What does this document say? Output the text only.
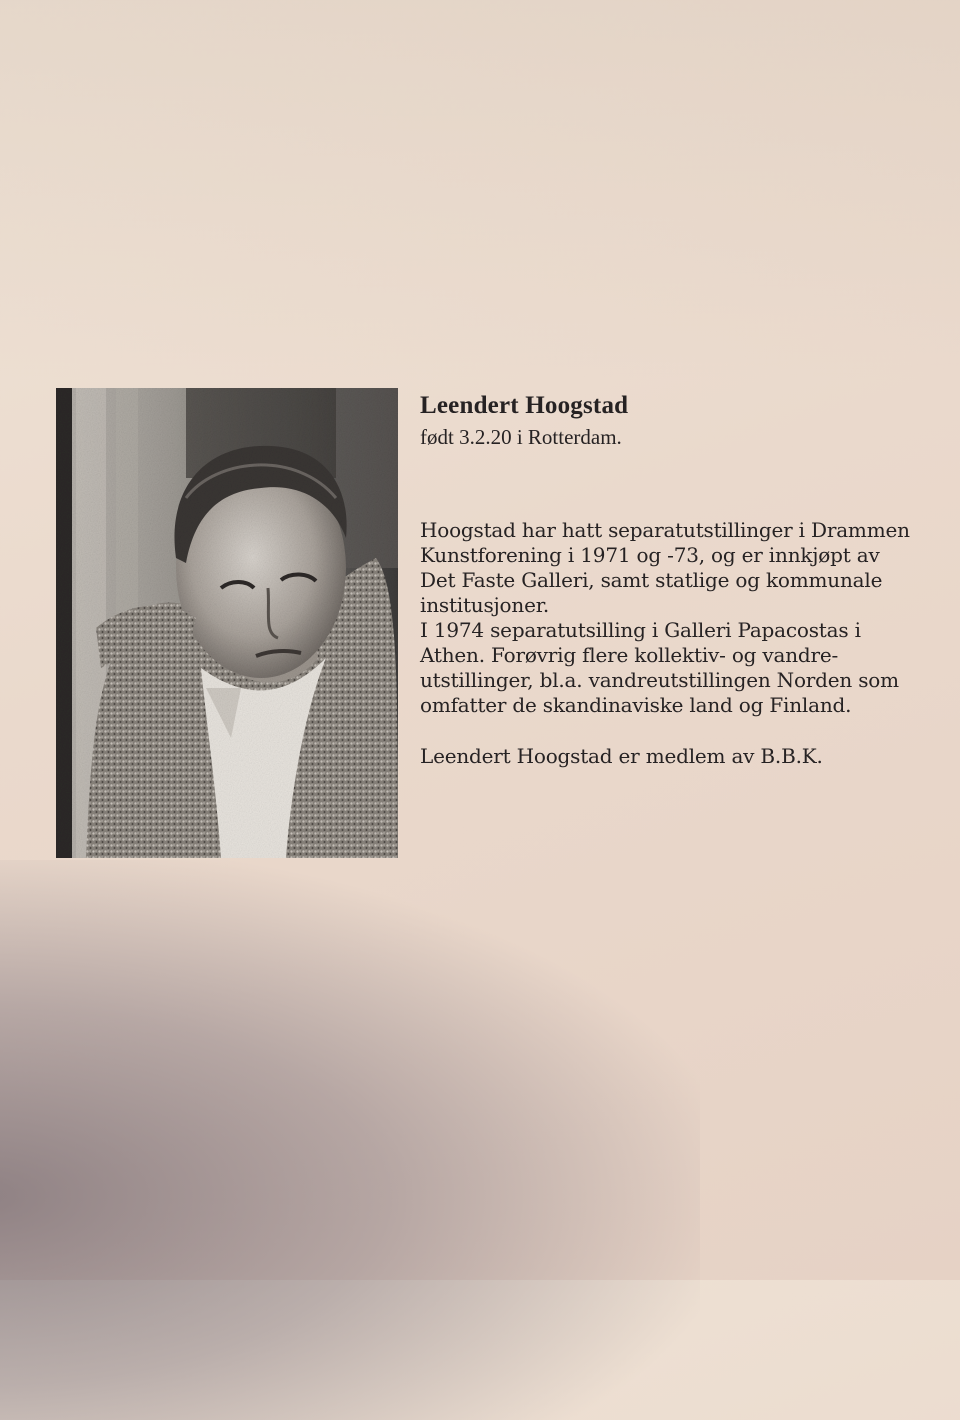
Leendert Hoogstad

født 3.2.20 i Rotterdam.

Hoogstad har hatt separatutstillinger i Drammen
Kunstforening i 1971 og -73, og er innkjøpt av
Det Faste Galleri, samt statlige og kommunale
institusjoner.
I 1974 separatutsilling i Galleri Papacostas i
Athen. Forøvrig flere kollektiv- og vandre-
utstillinger, bl.a. vandreutstillingen Norden som
omfatter de skandinaviske land og Finland.
Leendert Hoogstad er medlem av B.B.K.
